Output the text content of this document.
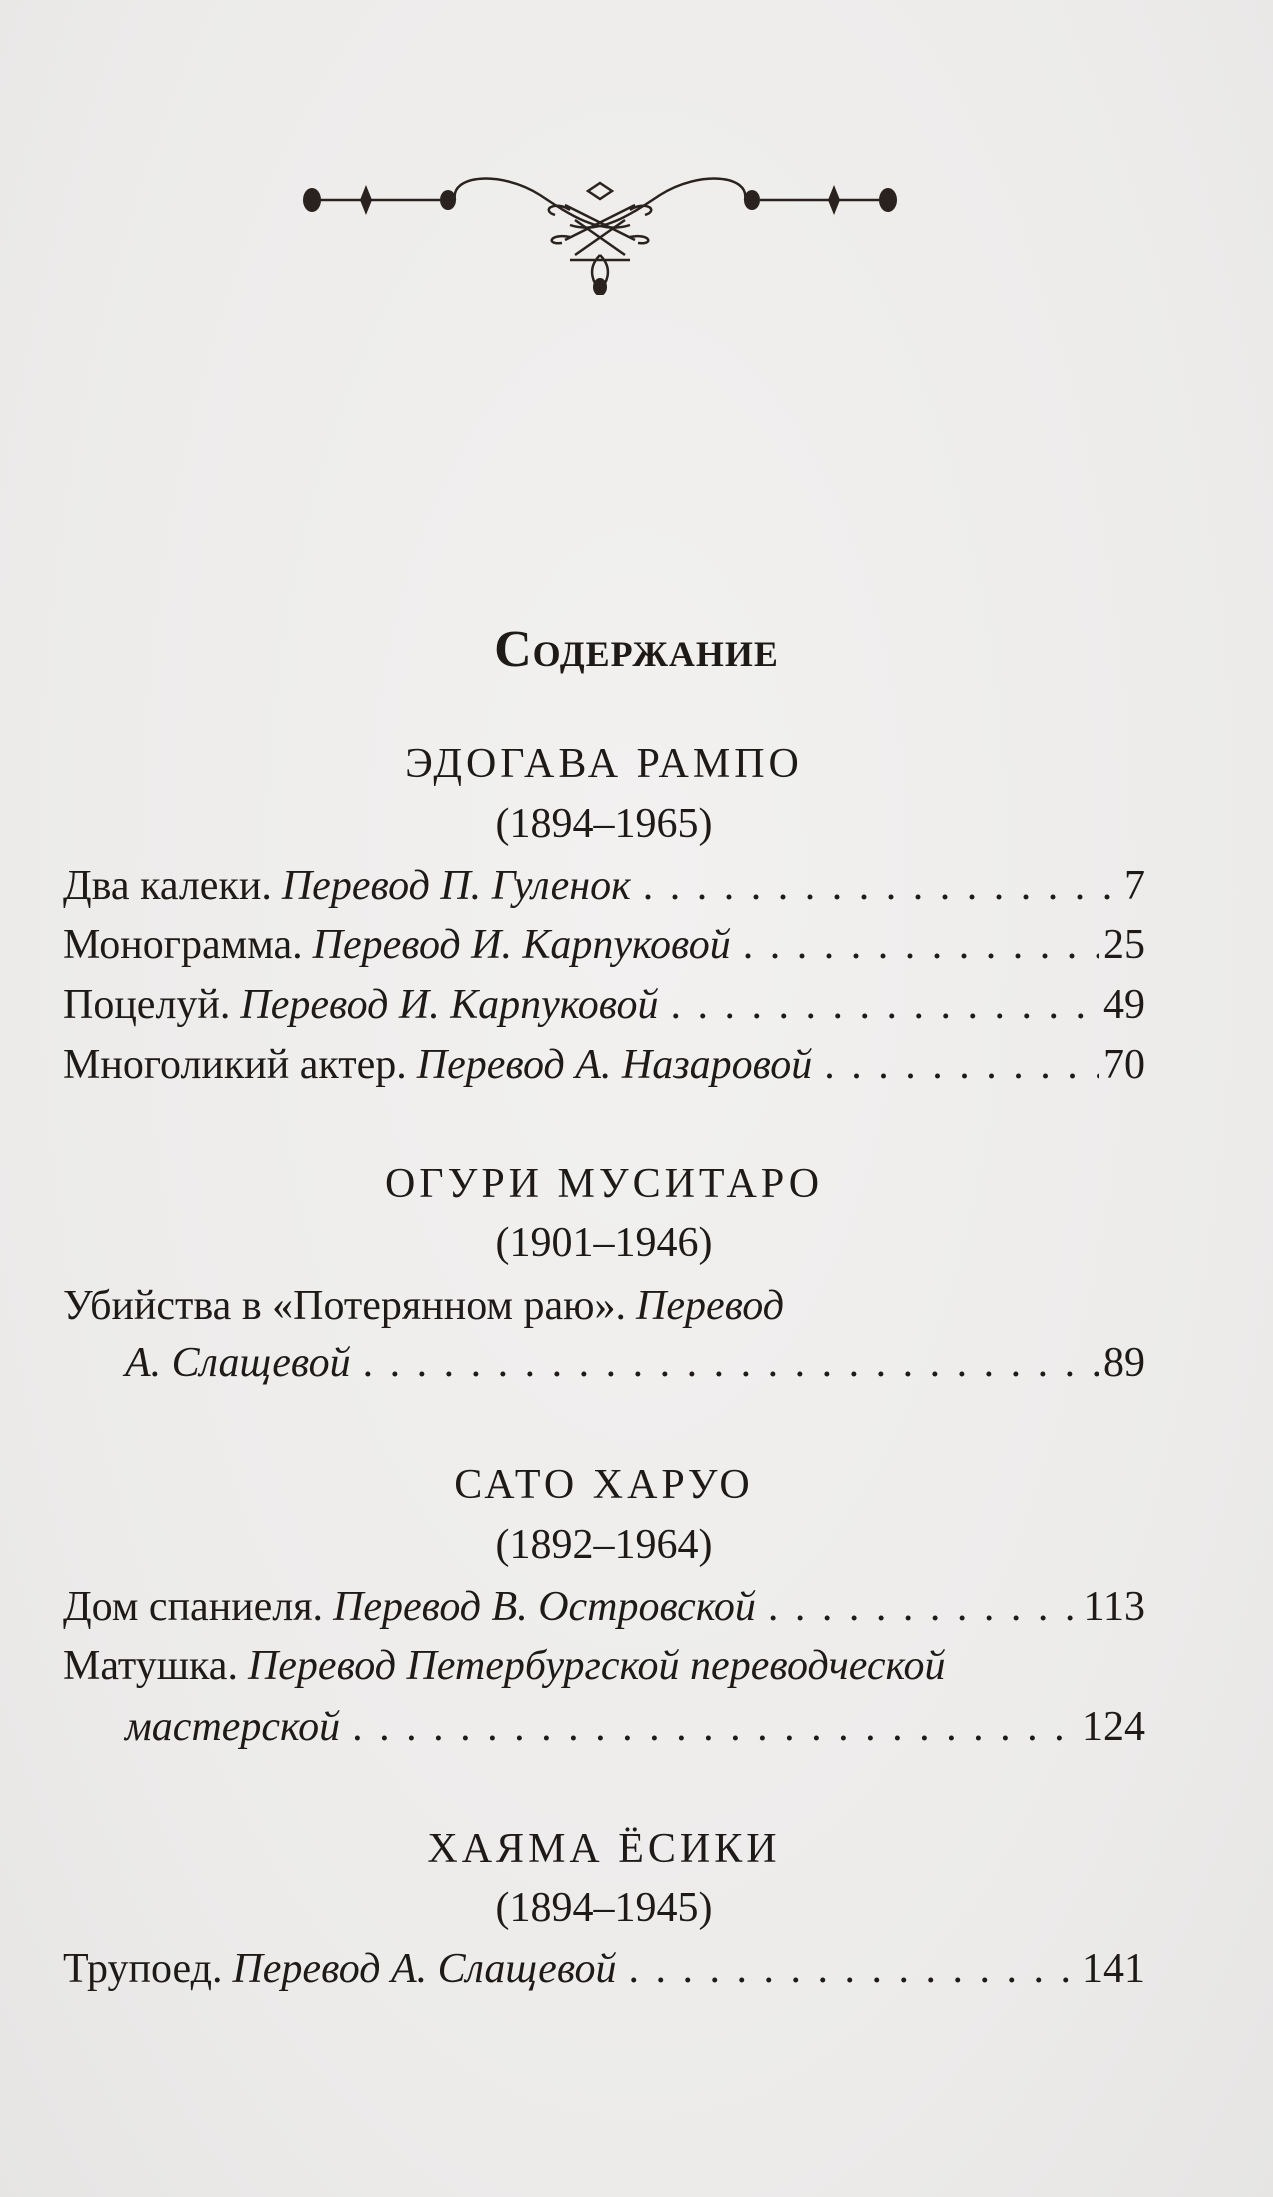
Содержание
ЭДОГАВА РАМПО
(1894–1965)
Два калеки. Перевод П. Гуленок . . .	7
Монограмма. Перевод И. Карпуковой . . .	25
Поцелуй. Перевод И. Карпуковой . . .	49
Многоликий актер. Перевод А. Назаровой . . .	70
ОГУРИ МУСИТАРО
(1901–1946)
Убийства в «Потерянном раю». Перевод
А. Слащевой . . .	89
САТО ХАРУО
(1892–1964)
Дом спаниеля. Перевод В. Островской . . .	113
Матушка. Перевод Петербургской переводческой
мастерской . . .	124
ХАЯМА ЁСИКИ
(1894–1945)
Трупоед. Перевод А. Слащевой . . .	141
